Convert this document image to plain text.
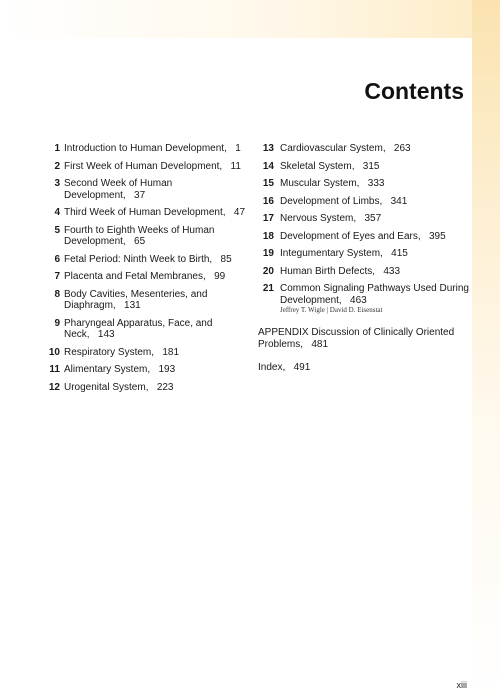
Contents
1 Introduction to Human Development,   1
2 First Week of Human Development,   11
3 Second Week of Human Development,   37
4 Third Week of Human Development,   47
5 Fourth to Eighth Weeks of Human Development,   65
6 Fetal Period: Ninth Week to Birth,   85
7 Placenta and Fetal Membranes,   99
8 Body Cavities, Mesenteries, and Diaphragm,   131
9 Pharyngeal Apparatus, Face, and Neck,   143
10 Respiratory System,   181
11 Alimentary System,   193
12 Urogenital System,   223
13 Cardiovascular System,   263
14 Skeletal System,   315
15 Muscular System,   333
16 Development of Limbs,   341
17 Nervous System,   357
18 Development of Eyes and Ears,   395
19 Integumentary System,   415
20 Human Birth Defects,   433
21 Common Signaling Pathways Used During Development,   463
Jeffrey T. Wigle | David D. Eisenstat
APPENDIX Discussion of Clinically Oriented Problems,   481
Index,   491
xiii
